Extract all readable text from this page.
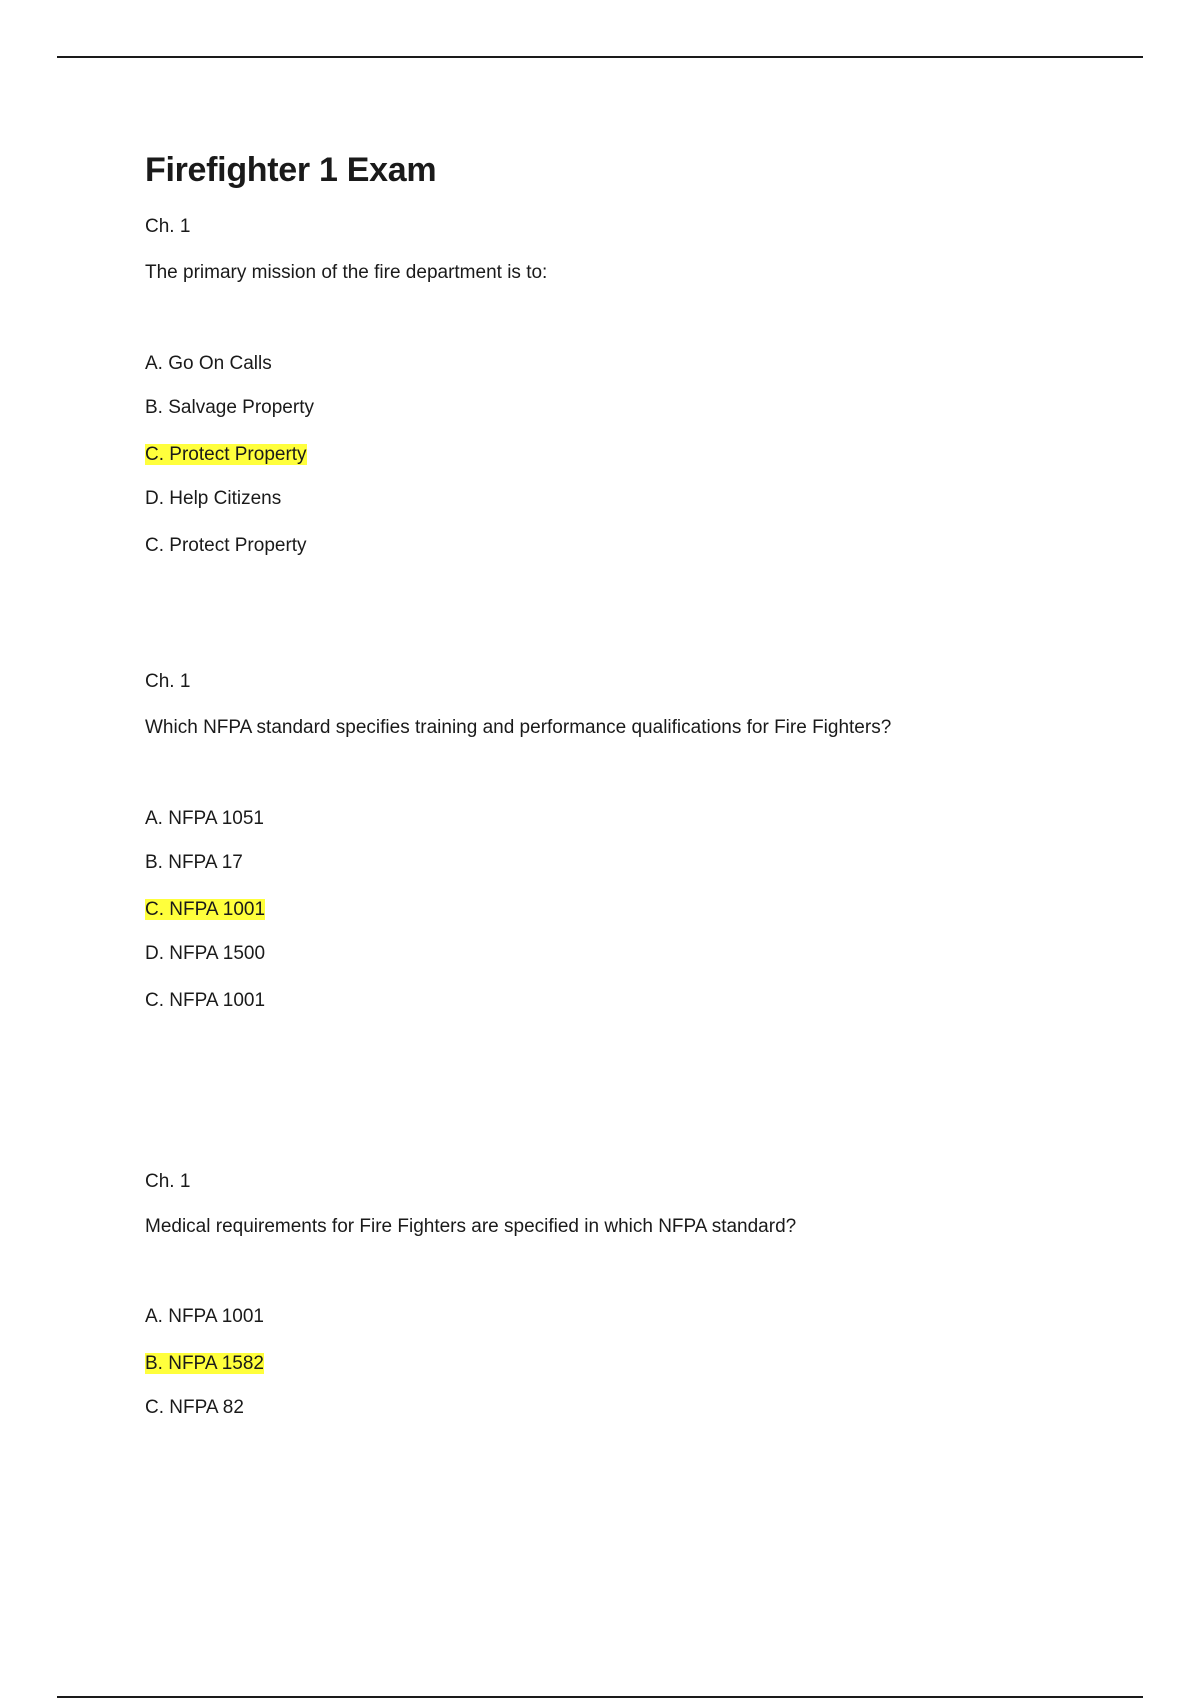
Firefighter 1 Exam
Ch. 1
The primary mission of the fire department is to:
A. Go On Calls
B. Salvage Property
C. Protect Property
D. Help Citizens
C. Protect Property
Ch. 1
Which NFPA standard specifies training and performance qualifications for Fire Fighters?
A. NFPA 1051
B. NFPA 17
C. NFPA 1001
D. NFPA 1500
C. NFPA 1001
Ch. 1
Medical requirements for Fire Fighters are specified in which NFPA standard?
A. NFPA 1001
B. NFPA 1582
C. NFPA 82
